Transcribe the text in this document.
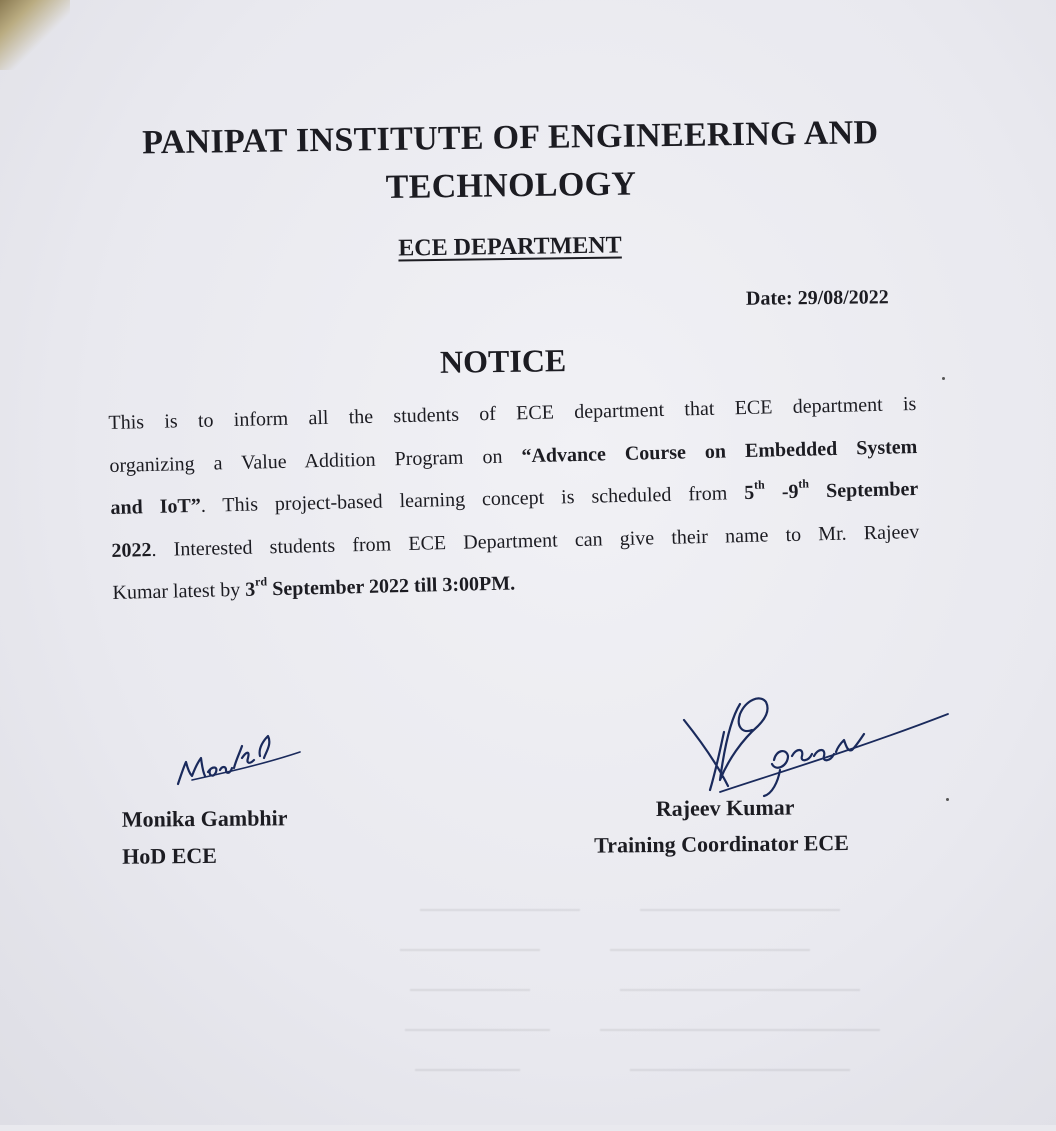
PANIPAT INSTITUTE OF ENGINEERING AND
TECHNOLOGY
ECE DEPARTMENT
Date: 29/08/2022
NOTICE
This is to inform all the students of ECE department that ECE department is
organizing a Value Addition Program on “Advance Course on Embedded System
and IoT”. This project-based learning concept is scheduled from 5th -9th September
2022. Interested students from ECE Department can give their name to Mr. Rajeev
Kumar latest by 3rd September 2022 till 3:00PM.
Monika Gambhir
HoD ECE
Rajeev Kumar
Training Coordinator ECE
